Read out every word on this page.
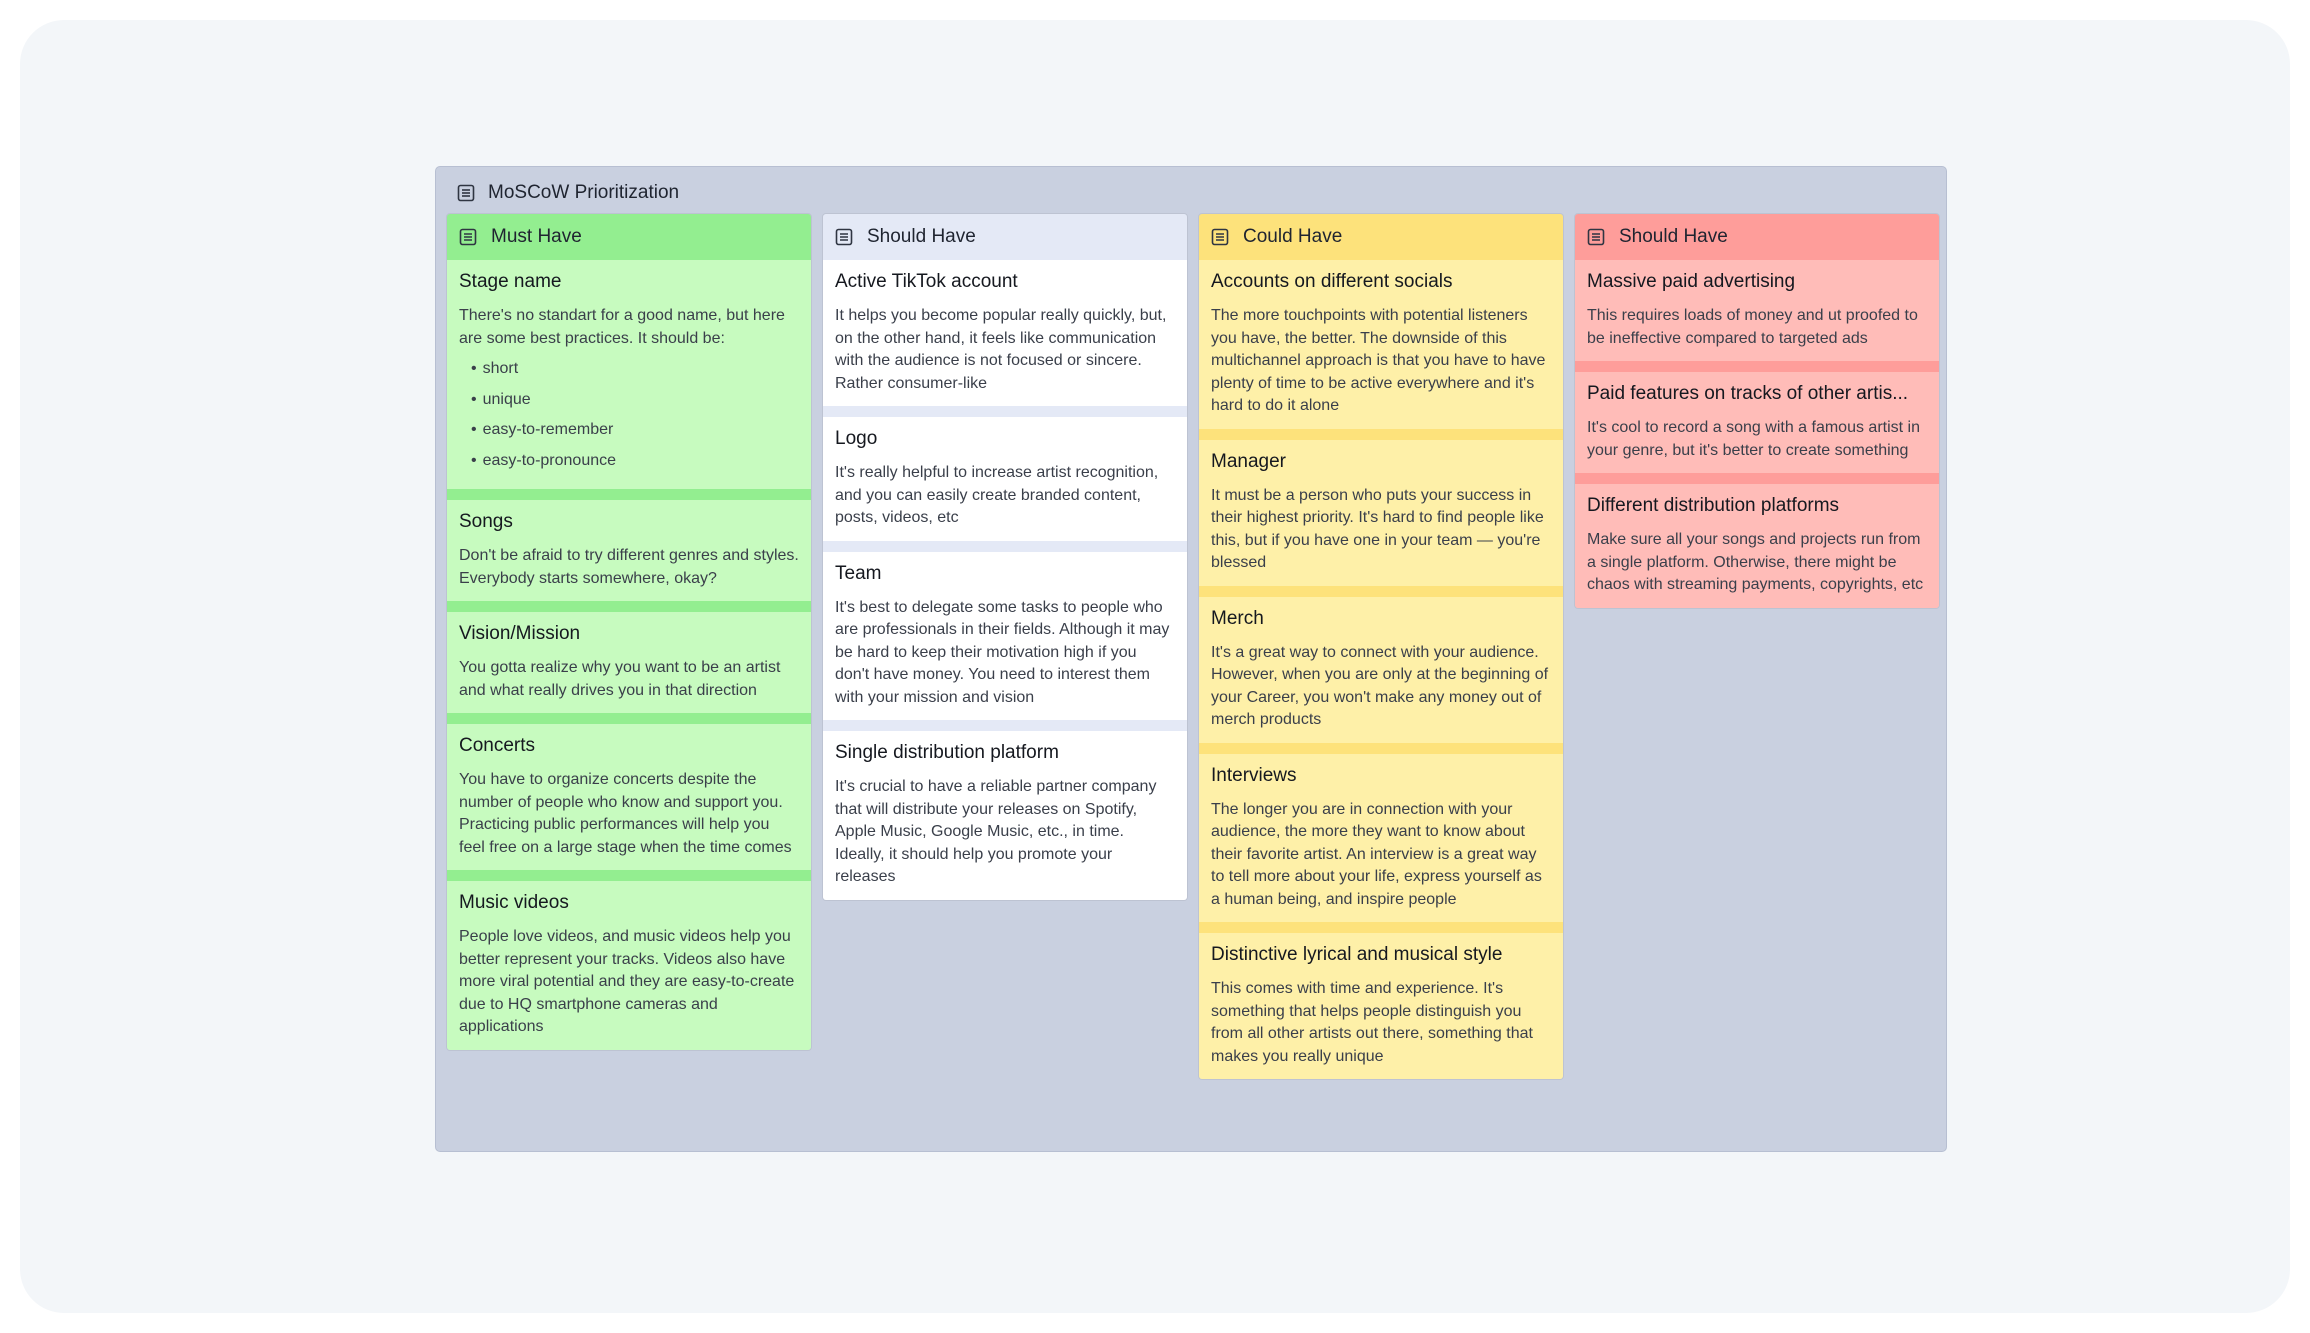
MoSCoW Prioritization
Must Have
Stage name

There's no standart for a good name, but here are some best practices. It should be:

• short
• unique
• easy-to-remember
• easy-to-pronounce
Songs

Don't be afraid to try different genres and styles. Everybody starts somewhere, okay?

Vision/Mission

You gotta realize why you want to be an artist and what really drives you in that direction

Concerts

You have to organize concerts despite the number of people who know and support you. Practicing public performances will help you feel free on a large stage when the time comes

Music videos

People love videos, and music videos help you better represent your tracks. Videos also have more viral potential and they are easy-to-create due to HQ smartphone cameras and applications

Should Have
Active TikTok account

It helps you become popular really quickly, but, on the other hand, it feels like communication with the audience is not focused or sincere. Rather consumer-like

Logo

It's really helpful to increase artist recognition, and you can easily create branded content, posts, videos, etc

Team

It's best to delegate some tasks to people who are professionals in their fields. Although it may be hard to keep their motivation high if you don't have money. You need to interest them with your mission and vision

Single distribution platform

It's crucial to have a reliable partner company that will distribute your releases on Spotify, Apple Music, Google Music, etc., in time. Ideally, it should help you promote your releases

Could Have
Accounts on different socials

The more touchpoints with potential listeners you have, the better. The downside of this multichannel approach is that you have to have plenty of time to be active everywhere and it's hard to do it alone

Manager

It must be a person who puts your success in their highest priority. It's hard to find people like this, but if you have one in your team — you're blessed

Merch

It's a great way to connect with your audience. However, when you are only at the beginning of your Career, you won't make any money out of merch products

Interviews

The longer you are in connection with your audience, the more they want to know about their favorite artist. An interview is a great way to tell more about your life, express yourself as a human being, and inspire people

Distinctive lyrical and musical style

This comes with time and experience. It's something that helps people distinguish you from all other artists out there, something that makes you really unique

Should Have
Massive paid advertising

This requires loads of money and ut proofed to be ineffective compared to targeted ads

Paid features on tracks of other artis...

It's cool to record a song with a famous artist in your genre, but it's better to create something

Different distribution platforms

Make sure all your songs and projects run from a single platform. Otherwise, there might be chaos with streaming payments, copyrights, etc
